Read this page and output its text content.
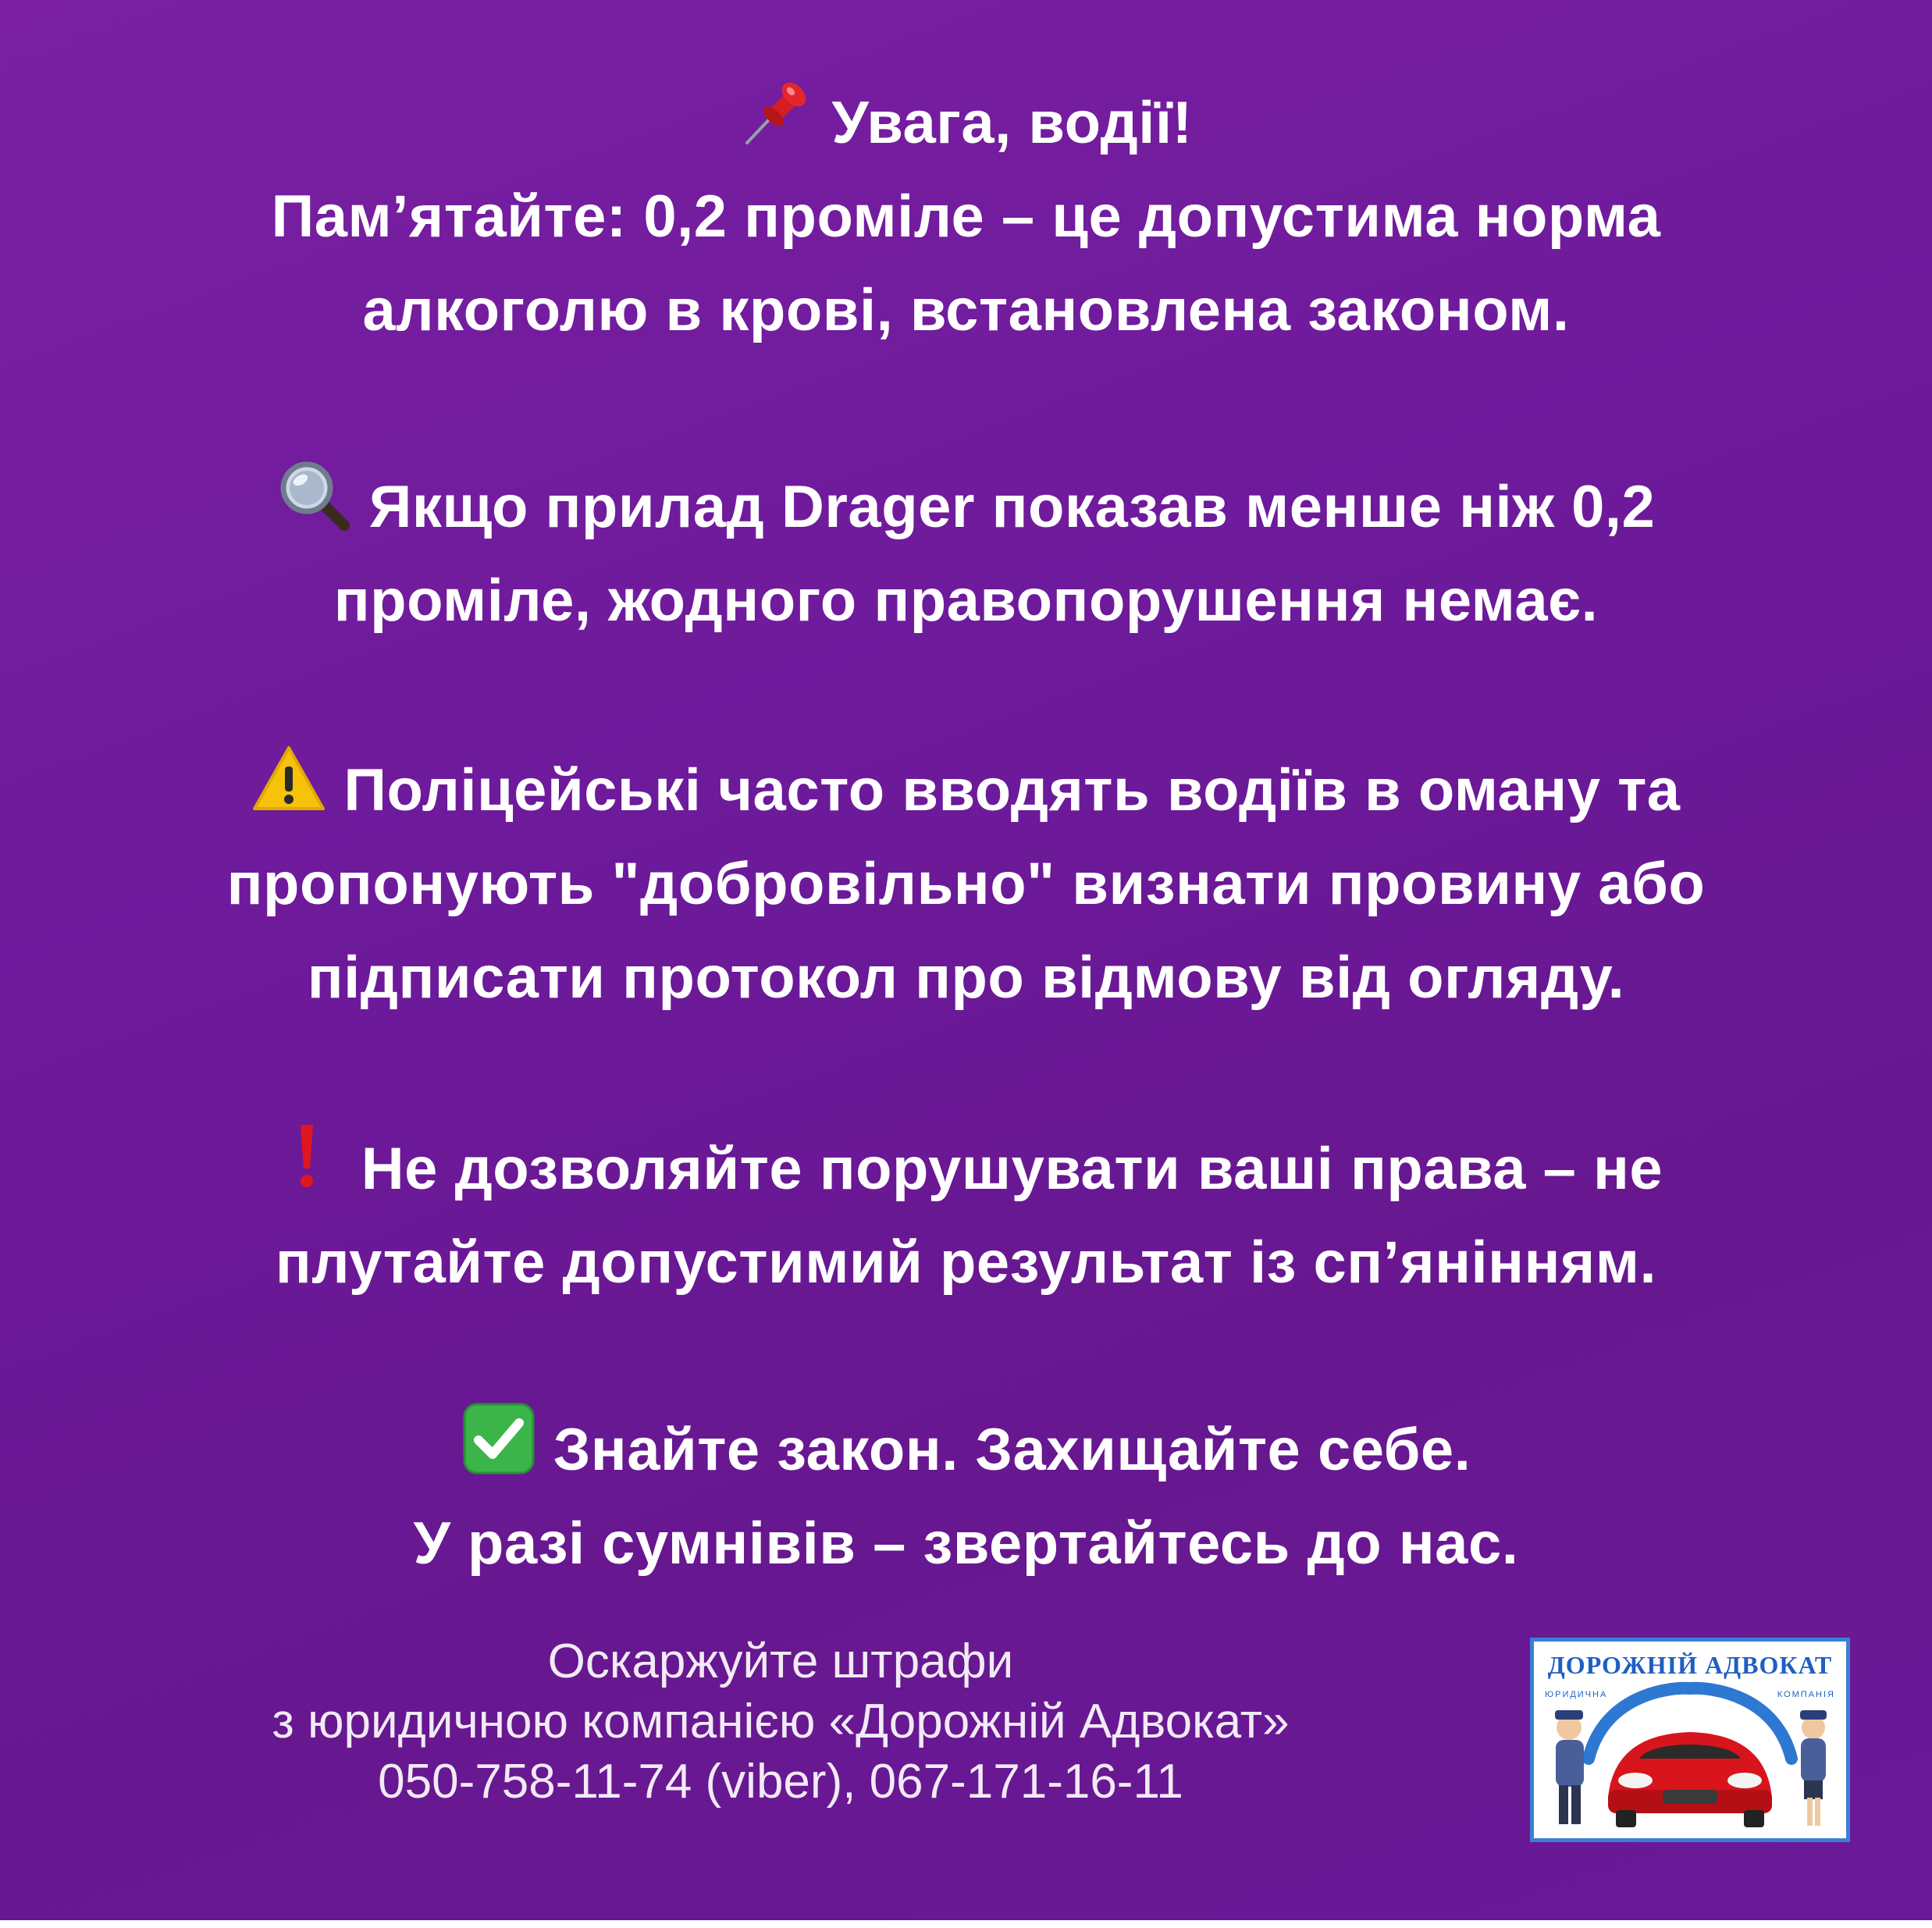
Увага, водії!
Пам’ятайте: 0,2 проміле – це допустима норма
алкоголю в крові, встановлена законом.
Якщо прилад Drager показав менше ніж 0,2
проміле, жодного правопорушення немає.
Поліцейські часто вводять водіїв в оману та
пропонують "добровільно" визнати провину або
підписати протокол про відмову від огляду.
Не дозволяйте порушувати ваші права – не
плутайте допустимий результат із сп’янінням.
Знайте закон. Захищайте себе.
У разі сумнівів – звертайтесь до нас.
Оскаржуйте штрафи
з юридичною компанією «Дорожній Адвокат»
050-758-11-74 (viber), 067-171-16-11
ДОРОЖНІЙ АДВОКАТ
ЮРИДИЧНА	КОМПАНІЯ
